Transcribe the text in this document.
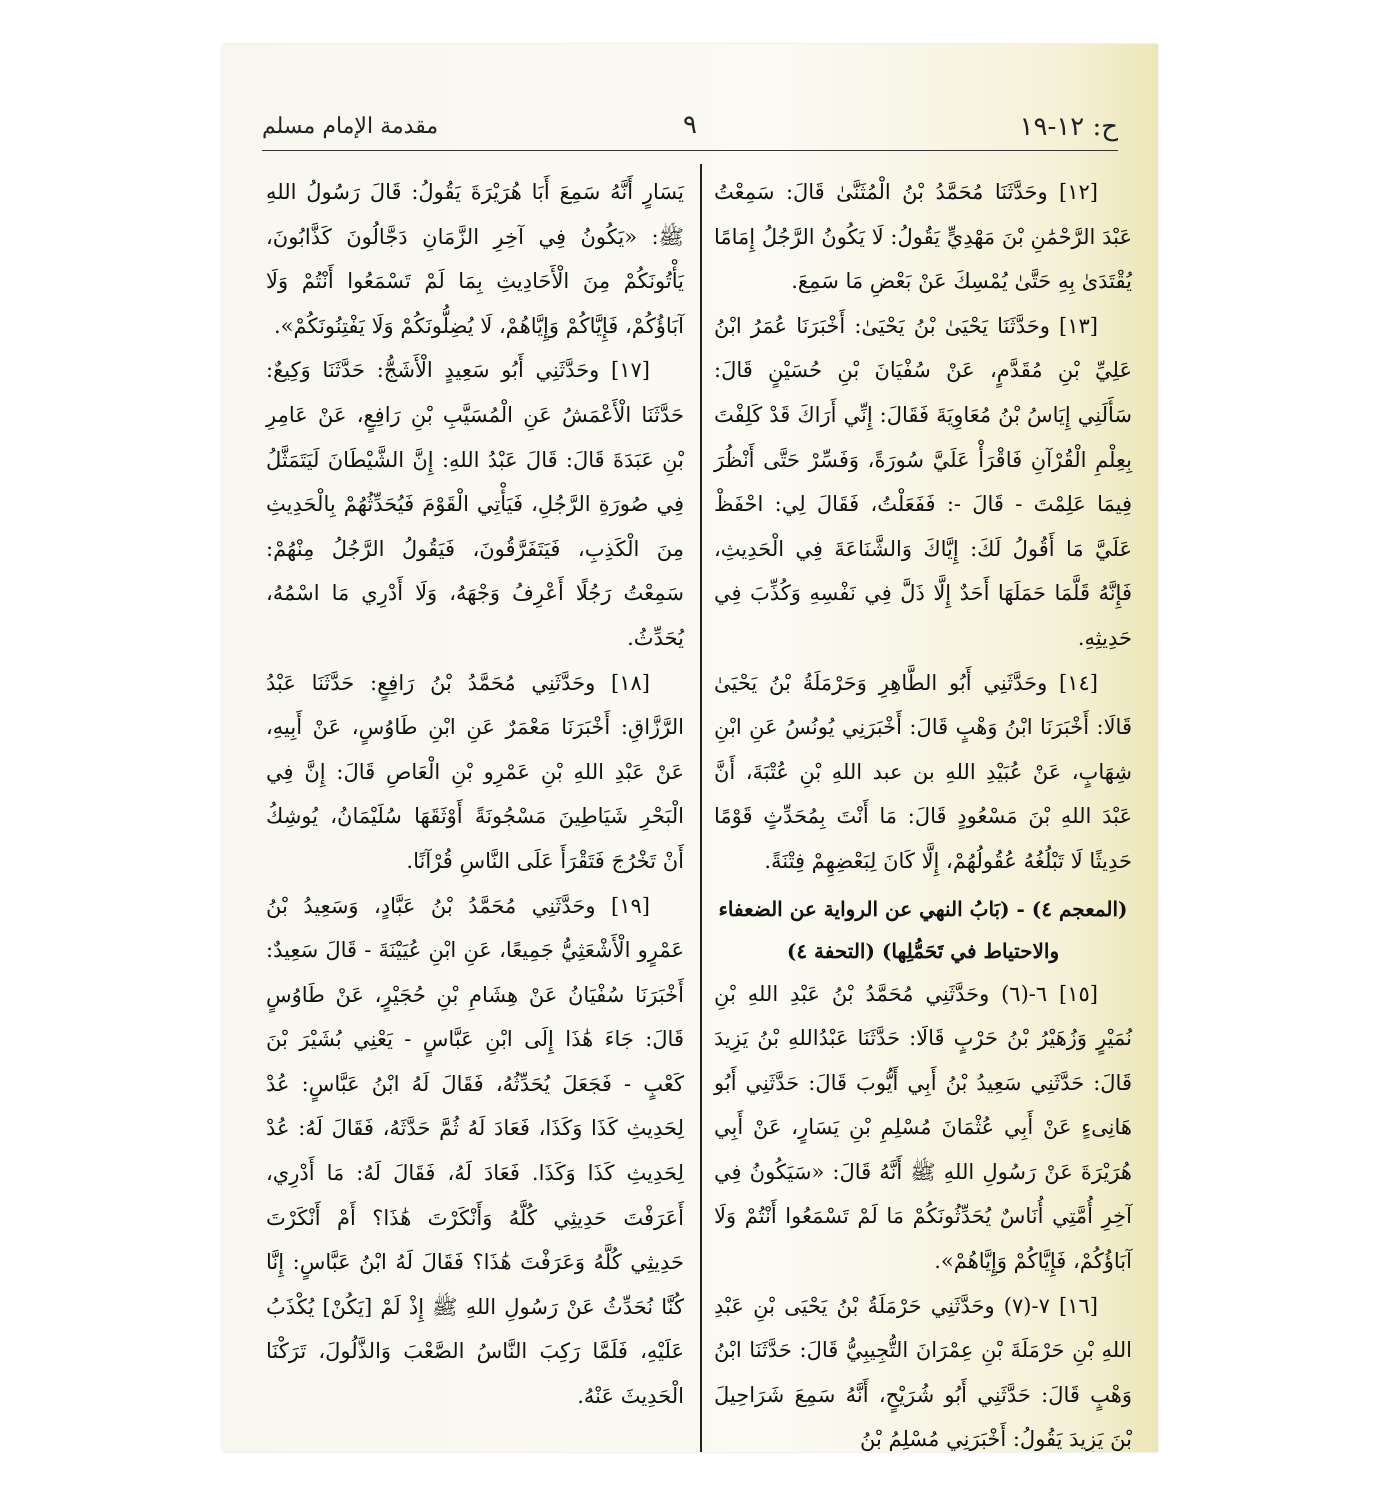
ح: ١٢-١٩
٩
مقدمة الإمام مسلم

[١٢] وحَدَّثَنَا مُحَمَّدُ بْنُ الْمُثَنَّىٰ قَالَ: سَمِعْتُ عَبْدَ الرَّحْمَٰنِ بْنَ مَهْدِيٍّ يَقُولُ: لَا يَكُونُ الرَّجُلُ إِمَامًا يُقْتَدَىٰ بِهِ حَتَّىٰ يُمْسِكَ عَنْ بَعْضِ مَا سَمِعَ.

[١٣] وحَدَّثَنَا يَحْيَىٰ بْنُ يَحْيَىٰ: أَخْبَرَنَا عُمَرُ ابْنُ عَلِيِّ بْنِ مُقَدَّمٍ، عَنْ سُفْيَانَ بْنِ حُسَيْنٍ قَالَ: سَأَلَنِي إِيَاسُ بْنُ مُعَاوِيَةَ فَقَالَ: إِنِّي أَرَاكَ قَدْ كَلِفْتَ بِعِلْمِ الْقُرْآنِ فَاقْرَأْ عَلَيَّ سُورَةً، وَفَسِّرْ حَتَّى أَنْظُرَ فِيمَا عَلِمْتَ - قَالَ -: فَفَعَلْتُ، فَقَالَ لِي: احْفَظْ عَلَيَّ مَا أَقُولُ لَكَ: إِيَّاكَ وَالشَّنَاعَةَ فِي الْحَدِيثِ، فَإِنَّهُ قَلَّمَا حَمَلَهَا أَحَدٌ إِلَّا ذَلَّ فِي نَفْسِهِ وَكُذِّبَ فِي حَدِيثِهِ.

[١٤] وحَدَّثَنِي أَبُو الطَّاهِرِ وَحَرْمَلَةُ بْنُ يَحْيَىٰ قَالَا: أَخْبَرَنَا ابْنُ وَهْبٍ قَالَ: أَخْبَرَنِي يُونُسُ عَنِ ابْنِ شِهَابٍ، عَنْ عُبَيْدِ اللهِ بن عبد اللهِ بْنِ عُتْبَةَ، أَنَّ عَبْدَ اللهِ بْنَ مَسْعُودٍ قَالَ: مَا أَنْتَ بِمُحَدِّثٍ قَوْمًا حَدِيثًا لَا تَبْلُغُهُ عُقُولُهُمْ، إِلَّا كَانَ لِبَعْضِهِمْ فِتْنَةً.

(المعجم ٤) - (بَابُ النهي عن الرواية عن الضعفاء والاحتياط في تَحَمُّلِها) (التحفة ٤)

[١٥] ٦-(٦) وحَدَّثَنِي مُحَمَّدُ بْنُ عَبْدِ اللهِ بْنِ نُمَيْرٍ وَزُهَيْرُ بْنُ حَرْبٍ قَالَا: حَدَّثَنَا عَبْدُاللهِ بْنُ يَزِيدَ قَالَ: حَدَّثَنِي سَعِيدُ بْنُ أَبِي أَيُّوبَ قَالَ: حَدَّثَنِي أَبُو هَانِىءٍ عَنْ أَبِي عُثْمَانَ مُسْلِمِ بْنِ يَسَارٍ، عَنْ أَبِي هُرَيْرَةَ عَنْ رَسُولِ اللهِ ﷺ أَنَّهُ قَالَ: «سَيَكُونُ فِي آخِرِ أُمَّتِي أُنَاسٌ يُحَدِّثُونَكُمْ مَا لَمْ تَسْمَعُوا أَنْتُمْ وَلَا آبَاؤُكُمْ، فَإِيَّاكُمْ وَإِيَّاهُمْ».

[١٦] ٧-(٧) وحَدَّثَنِي حَرْمَلَةُ بْنُ يَحْيَى بْنِ عَبْدِ اللهِ بْنِ حَرْمَلَةَ بْنِ عِمْرَانَ التُّجِيبِيُّ قَالَ: حَدَّثَنَا ابْنُ وَهْبٍ قَالَ: حَدَّثَنِي أَبُو شُرَيْحٍ، أَنَّهُ سَمِعَ شَرَاحِيلَ بْنَ يَزِيدَ يَقُولُ: أَخْبَرَنِي مُسْلِمُ بْنُ

يَسَارٍ أَنَّهُ سَمِعَ أَبَا هُرَيْرَةَ يَقُولُ: قَالَ رَسُولُ اللهِ ﷺ: «يَكُونُ فِي آخِرِ الزَّمَانِ دَجَّالُونَ كَذَّابُونَ، يَأْتُونَكُمْ مِنَ الْأَحَادِيثِ بِمَا لَمْ تَسْمَعُوا أَنْتُمْ وَلَا آبَاؤُكُمْ، فَإِيَّاكُمْ وَإِيَّاهُمْ، لَا يُضِلُّونَكُمْ وَلَا يَفْتِنُونَكُمْ».

[١٧] وحَدَّثَنِي أَبُو سَعِيدٍ الْأَشَجُّ: حَدَّثَنَا وَكِيعٌ: حَدَّثَنَا الْأَعْمَشُ عَنِ الْمُسَيَّبِ بْنِ رَافِعٍ، عَنْ عَامِرِ بْنِ عَبَدَةَ قَالَ: قَالَ عَبْدُ اللهِ: إِنَّ الشَّيْطَانَ لَيَتَمَثَّلُ فِي صُورَةِ الرَّجُلِ، فَيَأْتِي الْقَوْمَ فَيُحَدِّثُهُمْ بِالْحَدِيثِ مِنَ الْكَذِبِ، فَيَتَفَرَّقُونَ، فَيَقُولُ الرَّجُلُ مِنْهُمْ: سَمِعْتُ رَجُلًا أَعْرِفُ وَجْهَهُ، وَلَا أَدْرِي مَا اسْمُهُ، يُحَدِّثُ.

[١٨] وحَدَّثَنِي مُحَمَّدُ بْنُ رَافِعٍ: حَدَّثَنَا عَبْدُ الرَّزَّاقِ: أَخْبَرَنَا مَعْمَرٌ عَنِ ابْنِ طَاوُسٍ، عَنْ أَبِيهِ، عَنْ عَبْدِ اللهِ بْنِ عَمْرِو بْنِ الْعَاصِ قَالَ: إِنَّ فِي الْبَحْرِ شَيَاطِينَ مَسْجُونَةً أَوْثَقَهَا سُلَيْمَانُ، يُوشِكُ أَنْ تَخْرُجَ فَتَقْرَأَ عَلَى النَّاسِ قُرْآنًا.

[١٩] وحَدَّثَنِي مُحَمَّدُ بْنُ عَبَّادٍ، وَسَعِيدُ بْنُ عَمْرٍو الْأَشْعَثِيُّ جَمِيعًا، عَنِ ابْنِ عُيَيْنَةَ - قَالَ سَعِيدٌ: أَخْبَرَنَا سُفْيَانُ عَنْ هِشَامِ بْنِ حُجَيْرٍ، عَنْ طَاوُسٍ قَالَ: جَاءَ هَٰذَا إِلَى ابْنِ عَبَّاسٍ - يَعْنِي بُشَيْرَ بْنَ كَعْبٍ - فَجَعَلَ يُحَدِّثُهُ، فَقَالَ لَهُ ابْنُ عَبَّاسٍ: عُدْ لِحَدِيثِ كَذَا وَكَذَا، فَعَادَ لَهُ ثُمَّ حَدَّثَهُ، فَقَالَ لَهُ: عُدْ لِحَدِيثِ كَذَا وَكَذَا. فَعَادَ لَهُ، فَقَالَ لَهُ: مَا أَدْرِي، أَعَرَفْتَ حَدِيثِي كُلَّهُ وَأَنْكَرْتَ هَٰذَا؟ أَمْ أَنْكَرْتَ حَدِيثِي كُلَّهُ وَعَرَفْتَ هَٰذَا؟ فَقَالَ لَهُ ابْنُ عَبَّاسٍ: إِنَّا كُنَّا نُحَدِّثُ عَنْ رَسُولِ اللهِ ﷺ إِذْ لَمْ [يَكُنْ] يُكْذَبُ عَلَيْهِ، فَلَمَّا رَكِبَ النَّاسُ الصَّعْبَ وَالذَّلُولَ، تَرَكْنَا الْحَدِيثَ عَنْهُ.
